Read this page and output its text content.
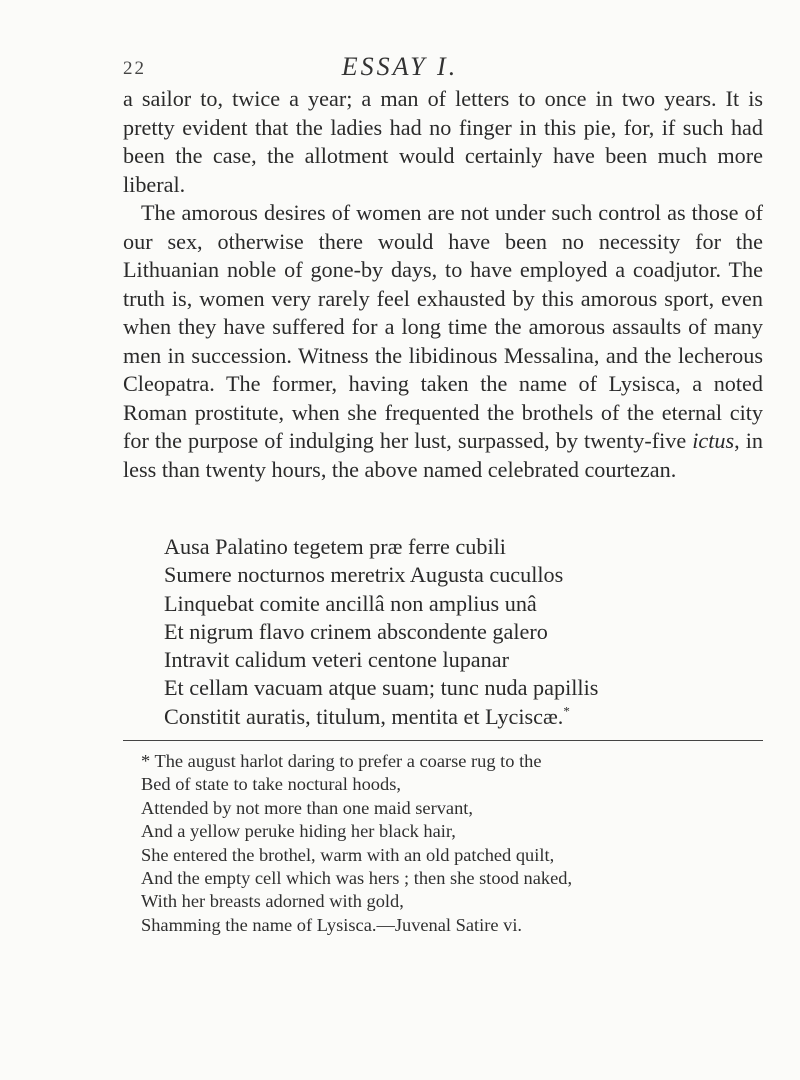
22	ESSAY I.

a sailor to, twice a year; a man of letters to once in two years. It is pretty evident that the ladies had no finger in this pie, for, if such had been the case, the allotment would certainly have been much more liberal.

The amorous desires of women are not under such control as those of our sex, otherwise there would have been no necessity for the Lithuanian noble of gone-by days, to have employed a coadjutor. The truth is, women very rarely feel exhausted by this amorous sport, even when they have suffered for a long time the amorous assaults of many men in succession. Witness the libidinous Messalina, and the lecherous Cleopatra. The former, having taken the name of Lysisca, a noted Roman prostitute, when she frequented the brothels of the eternal city for the purpose of indulging her lust, surpassed, by twenty-five ictus, in less than twenty hours, the above named celebrated courtezan.

Ausa Palatino tegetem præ ferre cubili
Sumere nocturnos meretrix Augusta cucullos
Linquebat comite ancillâ non amplius unâ
Et nigrum flavo crinem abscondente galero
Intravit calidum veteri centone lupanar
Et cellam vacuam atque suam; tunc nuda papillis
Constitit auratis, titulum, mentita et Lyciscæ.*
* The august harlot daring to prefer a coarse rug to the
Bed of state to take noctural hoods,
Attended by not more than one maid servant,
And a yellow peruke hiding her black hair,
She entered the brothel, warm with an old patched quilt,
And the empty cell which was hers ; then she stood naked,
With her breasts adorned with gold,
Shamming the name of Lysisca.—Juvenal Satire vi.
